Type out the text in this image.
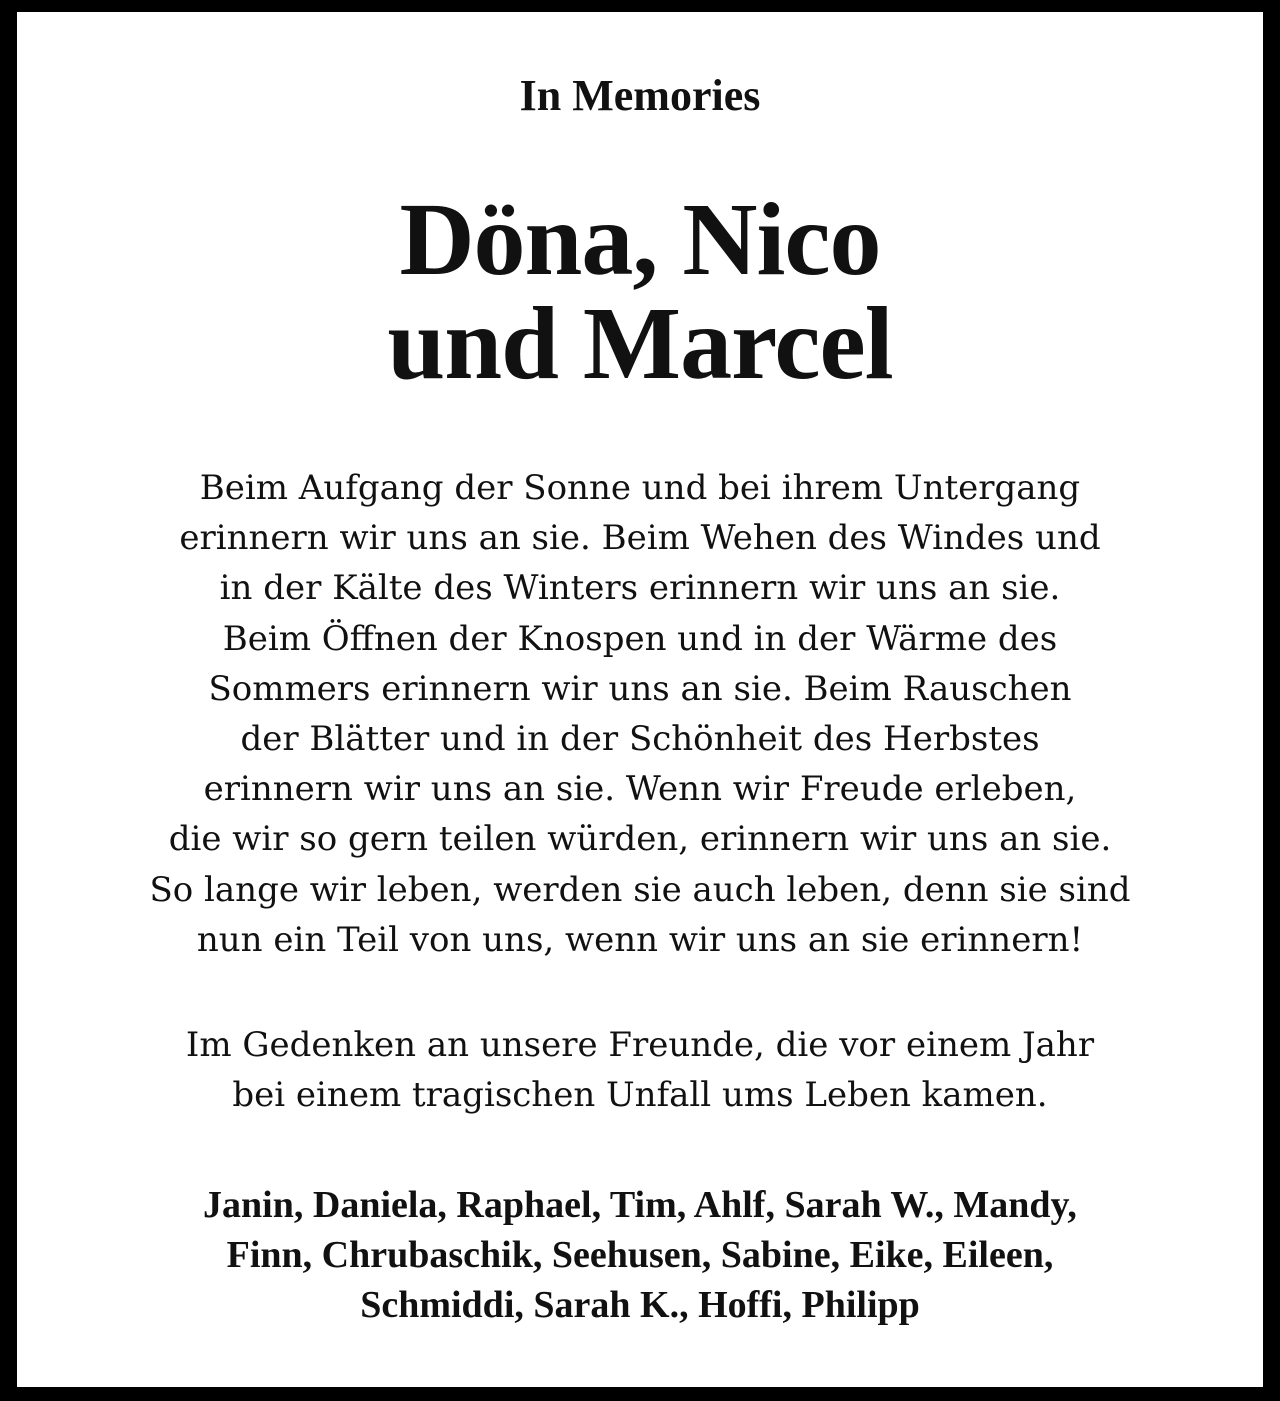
In Memories
Döna, Nico
und Marcel
Beim Aufgang der Sonne und bei ihrem Untergang
erinnern wir uns an sie. Beim Wehen des Windes und
in der Kälte des Winters erinnern wir uns an sie.
Beim Öffnen der Knospen und in der Wärme des
Sommers erinnern wir uns an sie. Beim Rauschen
der Blätter und in der Schönheit des Herbstes
erinnern wir uns an sie. Wenn wir Freude erleben,
die wir so gern teilen würden, erinnern wir uns an sie.
So lange wir leben, werden sie auch leben, denn sie sind
nun ein Teil von uns, wenn wir uns an sie erinnern!
Im Gedenken an unsere Freunde, die vor einem Jahr
bei einem tragischen Unfall ums Leben kamen.
Janin, Daniela, Raphael, Tim, Ahlf, Sarah W., Mandy,
Finn, Chrubaschik, Seehusen, Sabine, Eike, Eileen,
Schmiddi, Sarah K., Hoffi, Philipp
